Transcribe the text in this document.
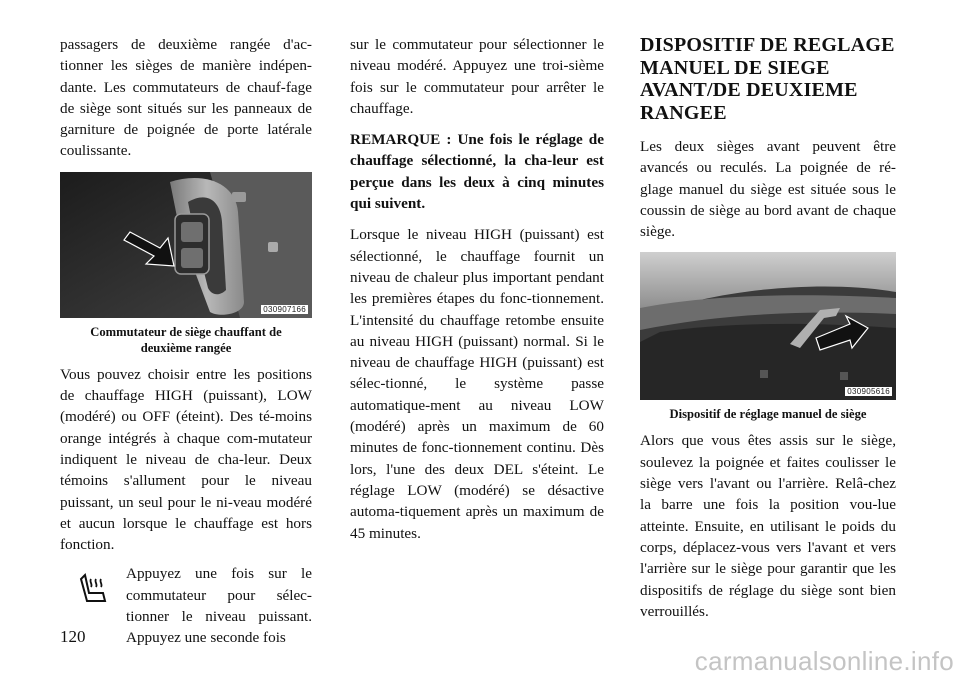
passagers de deuxième rangée d'ac-tionner les sièges de manière indépen-dante. Les commutateurs de chauf-fage de siège sont situés sur les panneaux de garniture de poignée de porte latérale coulissante.

030907166
Commutateur de siège chauffant de
deuxième rangée

Vous pouvez choisir entre les positions de chauffage HIGH (puissant), LOW (modéré) ou OFF (éteint). Des té-moins orange intégrés à chaque com-mutateur indiquent le niveau de cha-leur. Deux témoins s'allument pour le niveau puissant, un seul pour le ni-veau modéré et aucun lorsque le chauffage est hors fonction.

Appuyez une fois sur le commutateur pour sélec-tionner le niveau puissant. Appuyez une seconde fois

sur le commutateur pour sélectionner le niveau modéré. Appuyez une troi-sième fois sur le commutateur pour arrêter le chauffage.

REMARQUE : Une fois le réglage de chauffage sélectionné, la cha-leur est perçue dans les deux à cinq minutes qui suivent.

Lorsque le niveau HIGH (puissant) est sélectionné, le chauffage fournit un niveau de chaleur plus important pendant les premières étapes du fonc-tionnement. L'intensité du chauffage retombe ensuite au niveau HIGH (puissant) normal. Si le niveau de chauffage HIGH (puissant) est sélec-tionné, le système passe automatique-ment au niveau LOW (modéré) après un maximum de 60 minutes de fonc-tionnement continu. Dès lors, l'une des deux DEL s'éteint. Le réglage LOW (modéré) se désactive automa-tiquement après un maximum de 45 minutes.

DISPOSITIF DE REGLAGE MANUEL DE SIEGE AVANT/DE DEUXIEME RANGEE

Les deux sièges avant peuvent être avancés ou reculés. La poignée de ré-glage manuel du siège est située sous le coussin de siège au bord avant de chaque siège.

030905616
Dispositif de réglage manuel de siège

Alors que vous êtes assis sur le siège, soulevez la poignée et faites coulisser le siège vers l'avant ou l'arrière. Relâ-chez la barre une fois la position vou-lue atteinte. Ensuite, en utilisant le poids du corps, déplacez-vous vers l'avant et vers l'arrière sur le siège pour garantir que les dispositifs de réglage du siège sont bien verrouillés.

120
carmanualsonline.info
